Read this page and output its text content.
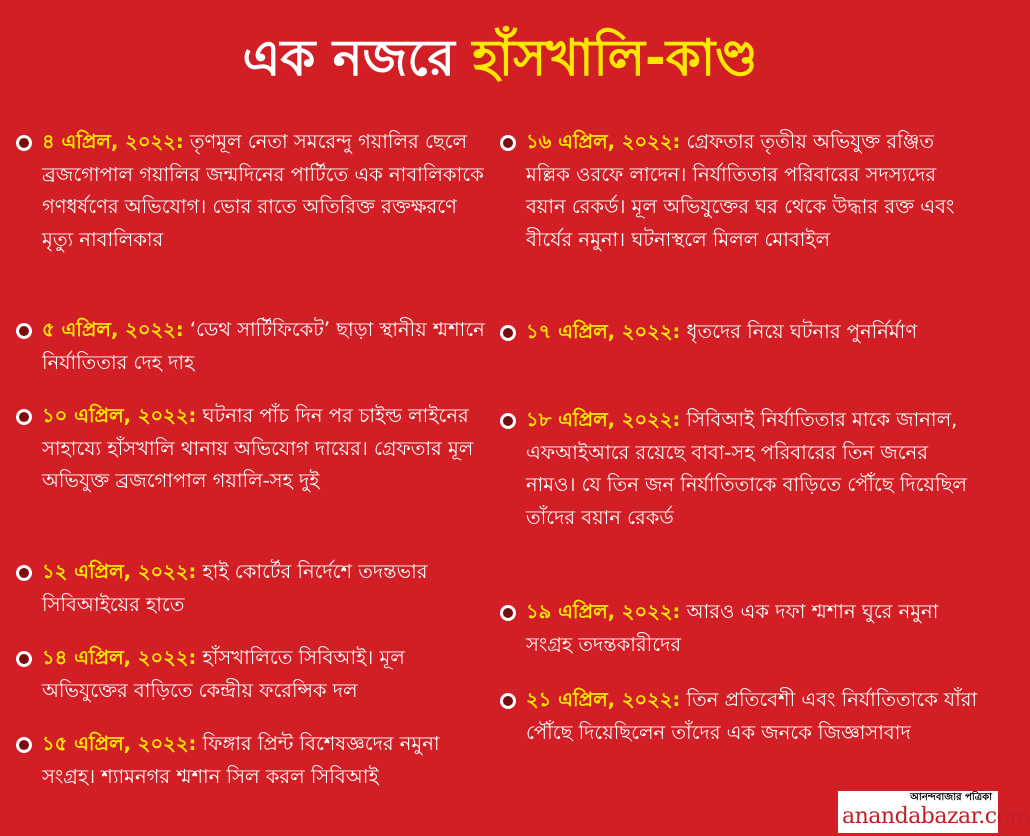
এক নজরে হাঁসখালি-কাণ্ড
৪ এপ্রিল, ২০২২: তৃণমূল নেতা সমরেন্দু গয়ালির ছেলে ব্রজগোপাল গয়ালির জন্মদিনের পার্টিতে এক নাবালিকাকে গণধর্ষণের অভিযোগ। ভোর রাতে অতিরিক্ত রক্তক্ষরণে মৃত্যু নাবালিকার
৫ এপ্রিল, ২০২২: ‘ডেথ সার্টিফিকেট’ ছাড়া স্থানীয় শ্মশানে নির্যাতিতার দেহ দাহ
১০ এপ্রিল, ২০২২: ঘটনার পাঁচ দিন পর চাইল্ড লাইনের সাহায্যে হাঁসখালি থানায় অভিযোগ দায়ের। গ্রেফতার মূল অভিযুক্ত ব্রজগোপাল গয়ালি-সহ দুই
১২ এপ্রিল, ২০২২: হাই কোর্টের নির্দেশে তদন্তভার সিবিআইয়ের হাতে
১৪ এপ্রিল, ২০২২: হাঁসখালিতে সিবিআই। মূল অভিযুক্তের বাড়িতে কেন্দ্রীয় ফরেন্সিক দল
১৫ এপ্রিল, ২০২২: ফিঙ্গার প্রিন্ট বিশেষজ্ঞদের নমুনা সংগ্রহ। শ্যামনগর শ্মশান সিল করল সিবিআই
১৬ এপ্রিল, ২০২২: গ্রেফতার তৃতীয় অভিযুক্ত রঞ্জিত মল্লিক ওরফে লাদেন। নির্যাতিতার পরিবারের সদস্যদের বয়ান রেকর্ড। মূল অভিযুক্তের ঘর থেকে উদ্ধার রক্ত এবং বীর্যের নমুনা। ঘটনাস্থলে মিলল মোবাইল
১৭ এপ্রিল, ২০২২: ধৃতদের নিয়ে ঘটনার পুনর্নির্মাণ
১৮ এপ্রিল, ২০২২: সিবিআই নির্যাতিতার মাকে জানাল, এফআইআরে রয়েছে বাবা-সহ পরিবারের তিন জনের নামও। যে তিন জন নির্যাতিতাকে বাড়িতে পৌঁছে দিয়েছিল তাঁদের বয়ান রেকর্ড
১৯ এপ্রিল, ২০২২: আরও এক দফা শ্মশান ঘুরে নমুনা সংগ্রহ তদন্তকারীদের
২১ এপ্রিল, ২০২২: তিন প্রতিবেশী এবং নির্যাতিতাকে যাঁরা পৌঁছে দিয়েছিলেন তাঁদের এক জনকে জিজ্ঞাসাবাদ
আনন্দবাজার পত্রিকা
anandabazar.com
